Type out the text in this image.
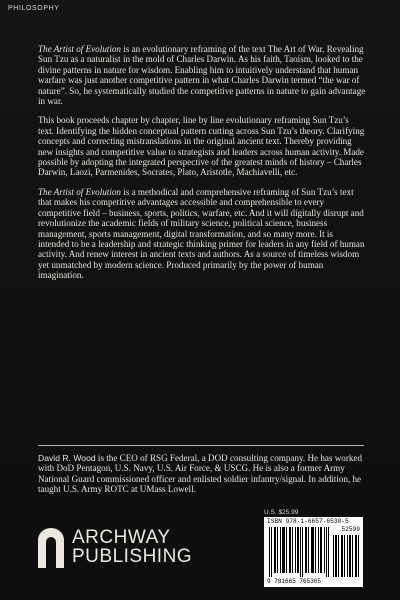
PHILOSOPHY

The Artist of Evolution is an evolutionary reframing of the text The Art of War. Revealing Sun Tzu as a naturalist in the mold of Charles Darwin. As his faith, Taoism, looked to the divine patterns in nature for wisdom. Enabling him to intuitively understand that human warfare was just another competitive pattern in what Charles Darwin termed “the war of nature”. So, he systematically studied the competitive patterns in nature to gain advantage in war.

This book proceeds chapter by chapter, line by line evolutionary reframing Sun Tzu’s text. Identifying the hidden conceptual pattern cutting across Sun Tzu’s theory. Clarifying concepts and correcting mistranslations in the original ancient text. Thereby providing new insights and competitive value to strategists and leaders across human activity. Made possible by adopting the integrated perspective of the greatest minds of history – Charles Darwin, Laozi, Parmenides, Socrates, Plato, Aristotle, Machiavelli, etc.

The Artist of Evolution is a methodical and comprehensive reframing of Sun Tzu’s text that makes his competitive advantages accessible and comprehensible to every competitive field – business, sports, politics, warfare, etc. And it will digitally disrupt and revolutionize the academic fields of military science, political science, business management, sports management, digital transformation, and so many more. It is intended to be a leadership and strategic thinking primer for leaders in any field of human activity. And renew interest in ancient texts and authors. As a source of timeless wisdom yet unmatched by modern science. Produced primarily by the power of human imagination.

David R. Wood is the CEO of RSG Federal, a DOD consulting company. He has worked with DoD Pentagon, U.S. Navy, U.S. Air Force, & USCG. He is also a former Army National Guard commissioned officer and enlisted soldier infantry/signal. In addition, he taught U.S. Army ROTC at UMass Lowell.
U.S. $25.99
ISBN 978-1-6657-6530-5
52599
9 781665 765305
ARCHWAY
PUBLISHING
